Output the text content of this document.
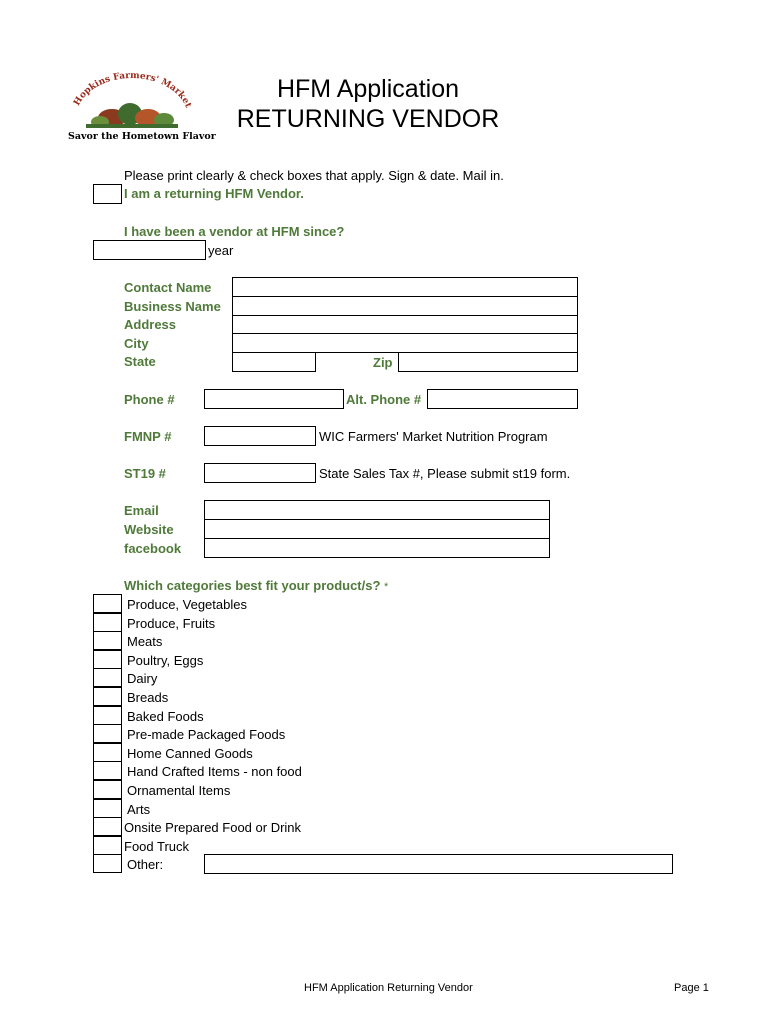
Hopkins Farmers' Market
Savor the Hometown Flavor
HFM Application
RETURNING VENDOR
Please print clearly & check boxes that apply. Sign & date. Mail in.
I am a returning HFM Vendor.
I have been a vendor at HFM since?
year
Contact Name
Business Name
Address
City
State	Zip
Phone #	Alt. Phone #
FMNP #	WIC Farmers' Market Nutrition Program
ST19 #	State Sales Tax #, Please submit st19 form.
Email
Website
facebook
Which categories best fit your product/s? *
Produce, Vegetables
Produce, Fruits
Meats
Poultry, Eggs
Dairy
Breads
Baked Foods
Pre-made Packaged Foods
Home Canned Goods
Hand Crafted Items - non food
Ornamental Items
Arts
Onsite Prepared Food or Drink
Food Truck
Other:
HFM Application Returning Vendor	Page 1
